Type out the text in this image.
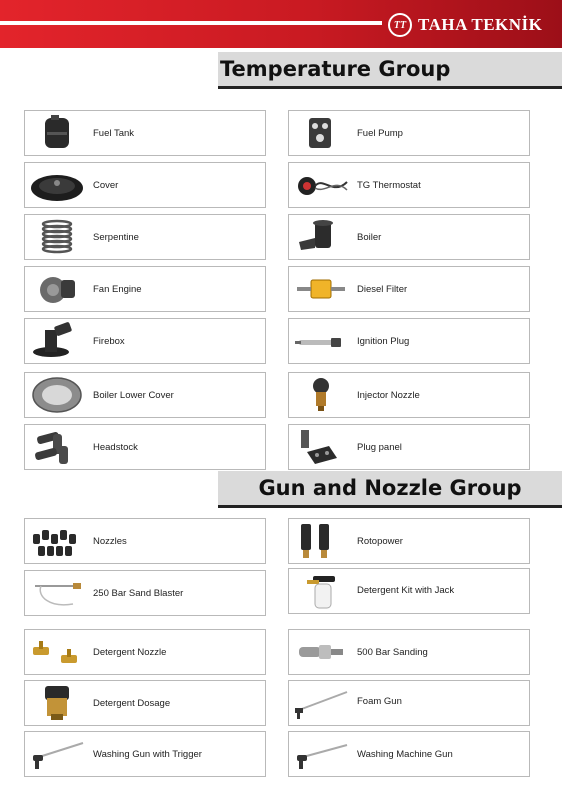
TT TAHA TEKNİK
Temperature Group
Gun and Nozzle Group
Fuel Tank
Cover
Serpentine
Fan Engine
Firebox
Boiler Lower Cover
Headstock
Fuel Pump
TG Thermostat
Boiler
Diesel Filter
Ignition Plug
Injector Nozzle
Plug panel
Nozzles
250 Bar Sand Blaster
Detergent Nozzle
Detergent Dosage
Washing Gun with Trigger
Rotopower
Detergent Kit with Jack
500 Bar Sanding
Foam Gun
Washing Machine Gun
